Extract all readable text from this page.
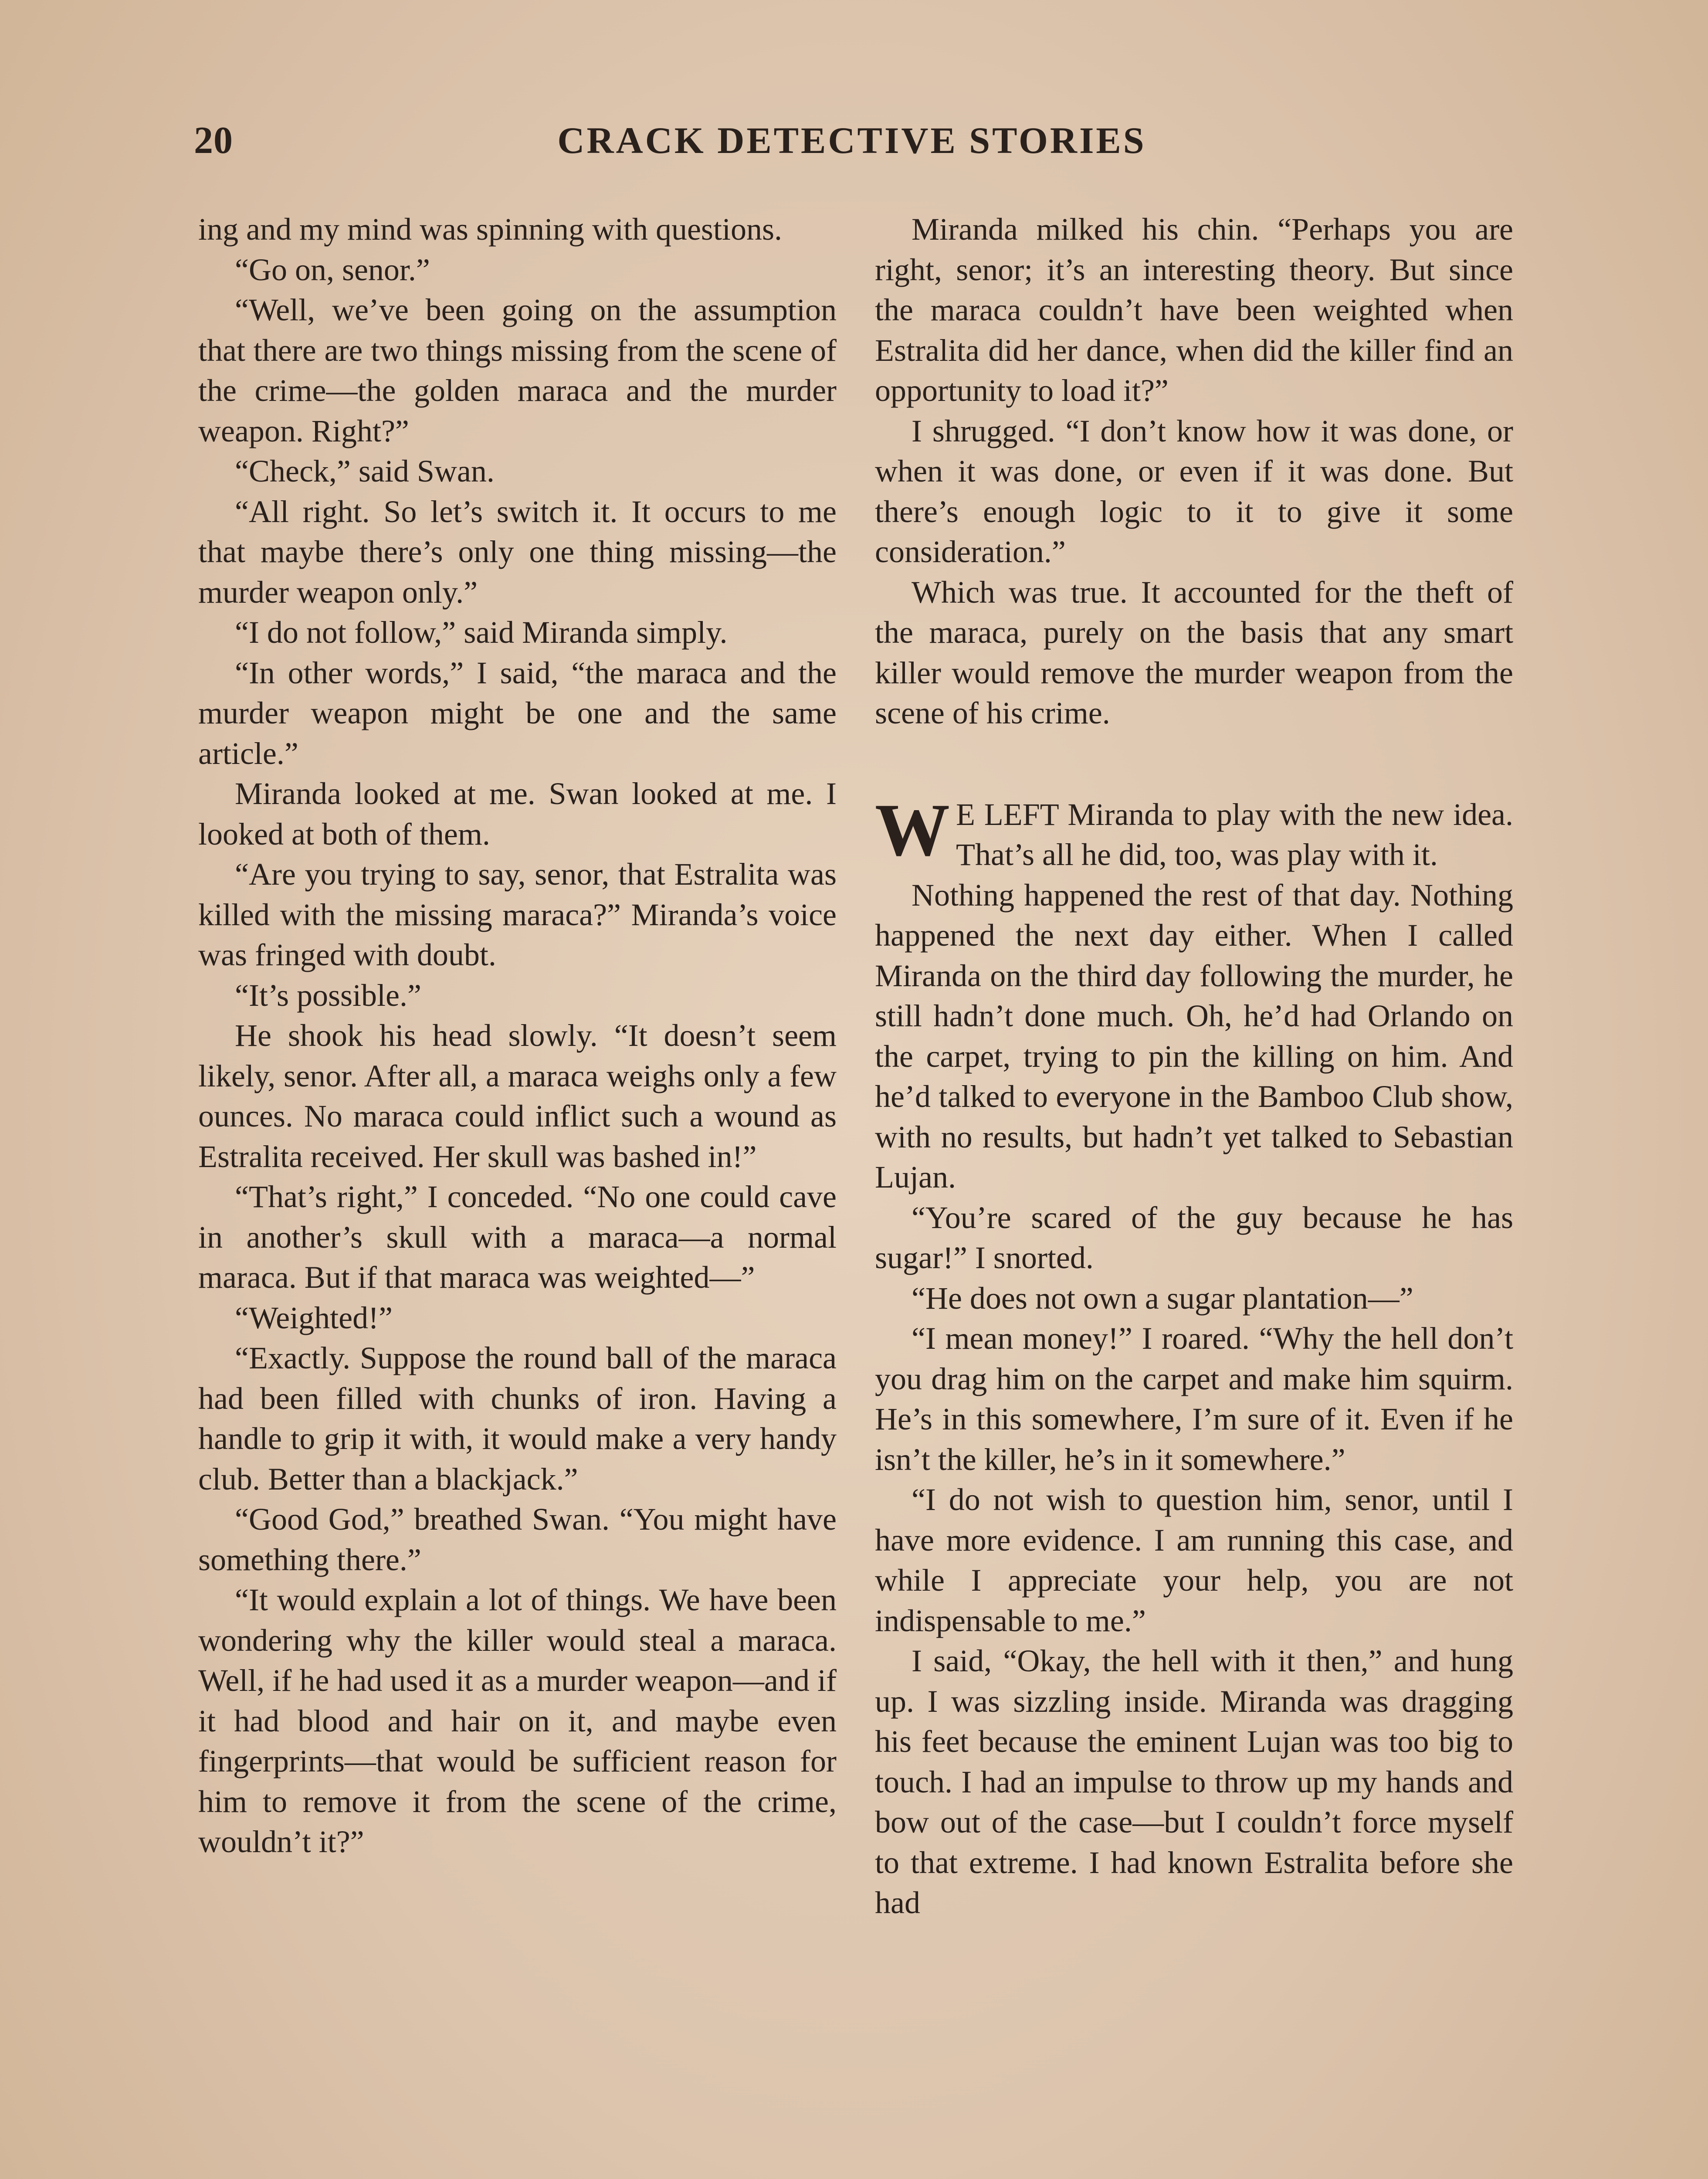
20	CRACK DETECTIVE STORIES

ing and my mind was spinning with questions.

“Go on, senor.”

“Well, we’ve been going on the assumption that there are two things missing from the scene of the crime—the golden maraca and the murder weapon. Right?”

“Check,” said Swan.

“All right. So let’s switch it. It occurs to me that maybe there’s only one thing missing—the murder weapon only.”

“I do not follow,” said Miranda simply.

“In other words,” I said, “the maraca and the murder weapon might be one and the same article.”

Miranda looked at me. Swan looked at me. I looked at both of them.

“Are you trying to say, senor, that Estralita was killed with the missing maraca?” Miranda’s voice was fringed with doubt.

“It’s possible.”

He shook his head slowly. “It doesn’t seem likely, senor. After all, a maraca weighs only a few ounces. No maraca could inflict such a wound as Estralita received. Her skull was bashed in!”

“That’s right,” I conceded. “No one could cave in another’s skull with a maraca—a normal maraca. But if that maraca was weighted—”

“Weighted!”

“Exactly. Suppose the round ball of the maraca had been filled with chunks of iron. Having a handle to grip it with, it would make a very handy club. Better than a blackjack.”

“Good God,” breathed Swan. “You might have something there.”

“It would explain a lot of things. We have been wondering why the killer would steal a maraca. Well, if he had used it as a murder weapon—and if it had blood and hair on it, and maybe even fingerprints—that would be sufficient reason for him to remove it from the scene of the crime, wouldn’t it?”

Miranda milked his chin. “Perhaps you are right, senor; it’s an interesting theory. But since the maraca couldn’t have been weighted when Estralita did her dance, when did the killer find an opportunity to load it?”

I shrugged. “I don’t know how it was done, or when it was done, or even if it was done. But there’s enough logic to it to give it some consideration.”

Which was true. It accounted for the theft of the maraca, purely on the basis that any smart killer would remove the murder weapon from the scene of his crime.

W E LEFT Miranda to play with the new idea. That’s all he did, too, was play with it.

Nothing happened the rest of that day. Nothing happened the next day either. When I called Miranda on the third day following the murder, he still hadn’t done much. Oh, he’d had Orlando on the carpet, trying to pin the killing on him. And he’d talked to everyone in the Bamboo Club show, with no results, but hadn’t yet talked to Sebastian Lujan.

“You’re scared of the guy because he has sugar!” I snorted.

“He does not own a sugar plantation—”

“I mean money!” I roared. “Why the hell don’t you drag him on the carpet and make him squirm. He’s in this somewhere, I’m sure of it. Even if he isn’t the killer, he’s in it somewhere.”

“I do not wish to question him, senor, until I have more evidence. I am running this case, and while I appreciate your help, you are not indispensable to me.”

I said, “Okay, the hell with it then,” and hung up. I was sizzling inside. Miranda was dragging his feet because the eminent Lujan was too big to touch. I had an impulse to throw up my hands and bow out of the case—but I couldn’t force myself to that extreme. I had known Estralita before she had
